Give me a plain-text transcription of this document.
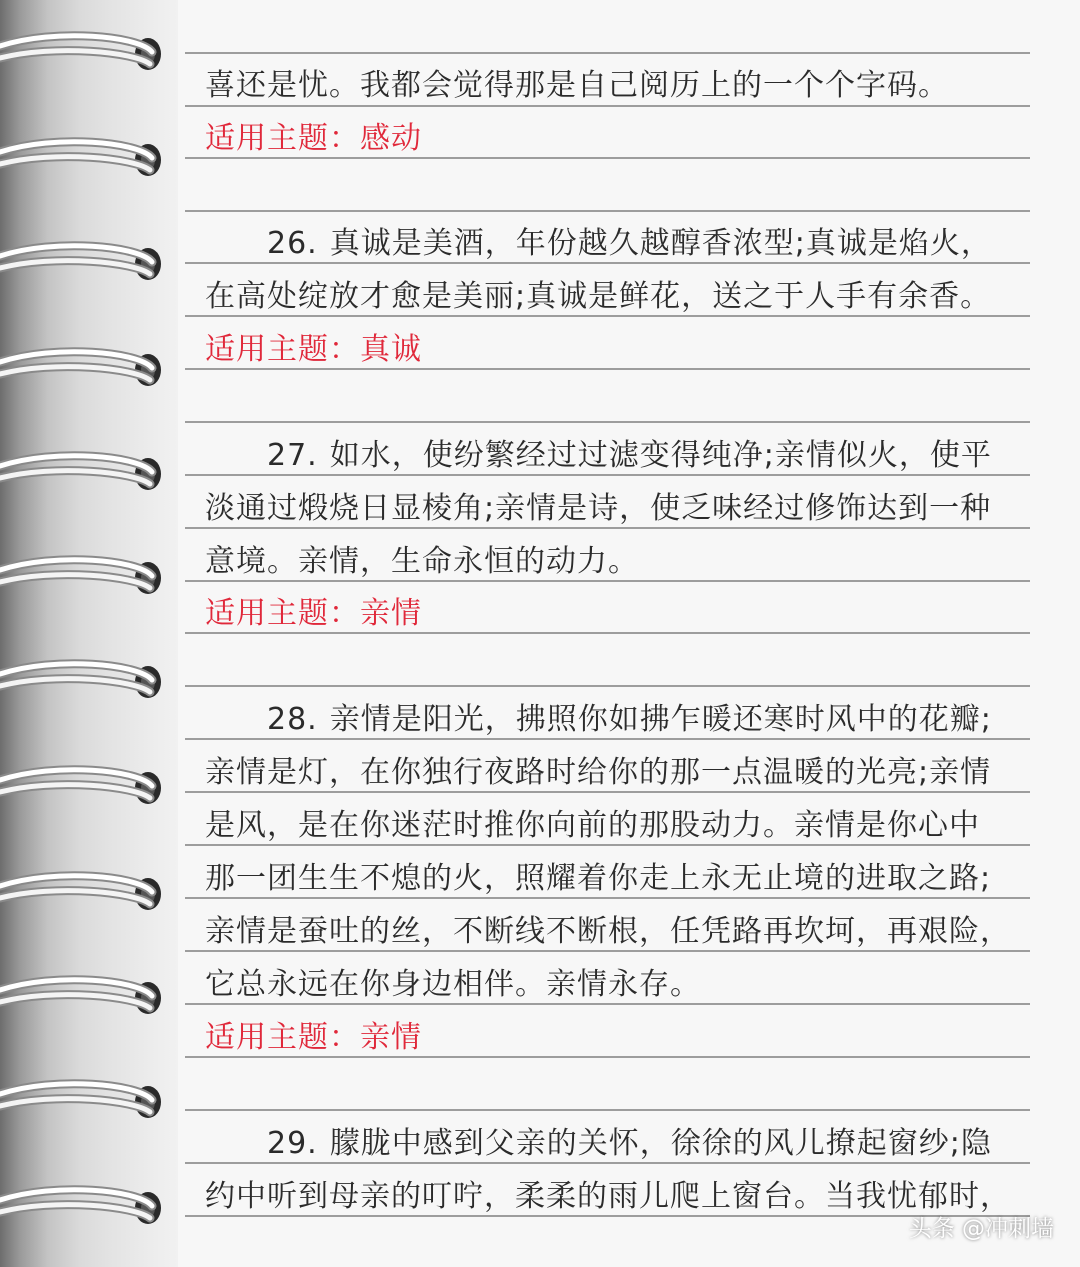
喜还是忧。我都会觉得那是自己阅历上的一个个字码。
适用主题：感动
26. 真诚是美酒，年份越久越醇香浓型;真诚是焰火，
在高处绽放才愈是美丽;真诚是鲜花，送之于人手有余香。
适用主题：真诚
27. 如水，使纷繁经过过滤变得纯净;亲情似火，使平
淡通过煅烧日显棱角;亲情是诗，使乏味经过修饰达到一种
意境。亲情，生命永恒的动力。
适用主题：亲情
28. 亲情是阳光，拂照你如拂乍暖还寒时风中的花瓣;
亲情是灯，在你独行夜路时给你的那一点温暖的光亮;亲情
是风，是在你迷茫时推你向前的那股动力。亲情是你心中
那一团生生不熄的火，照耀着你走上永无止境的进取之路;
亲情是蚕吐的丝，不断线不断根，任凭路再坎坷，再艰险，
它总永远在你身边相伴。亲情永存。
适用主题：亲情
29. 朦胧中感到父亲的关怀，徐徐的风儿撩起窗纱;隐
约中听到母亲的叮咛，柔柔的雨儿爬上窗台。当我忧郁时，
头条 @冲刺墙
